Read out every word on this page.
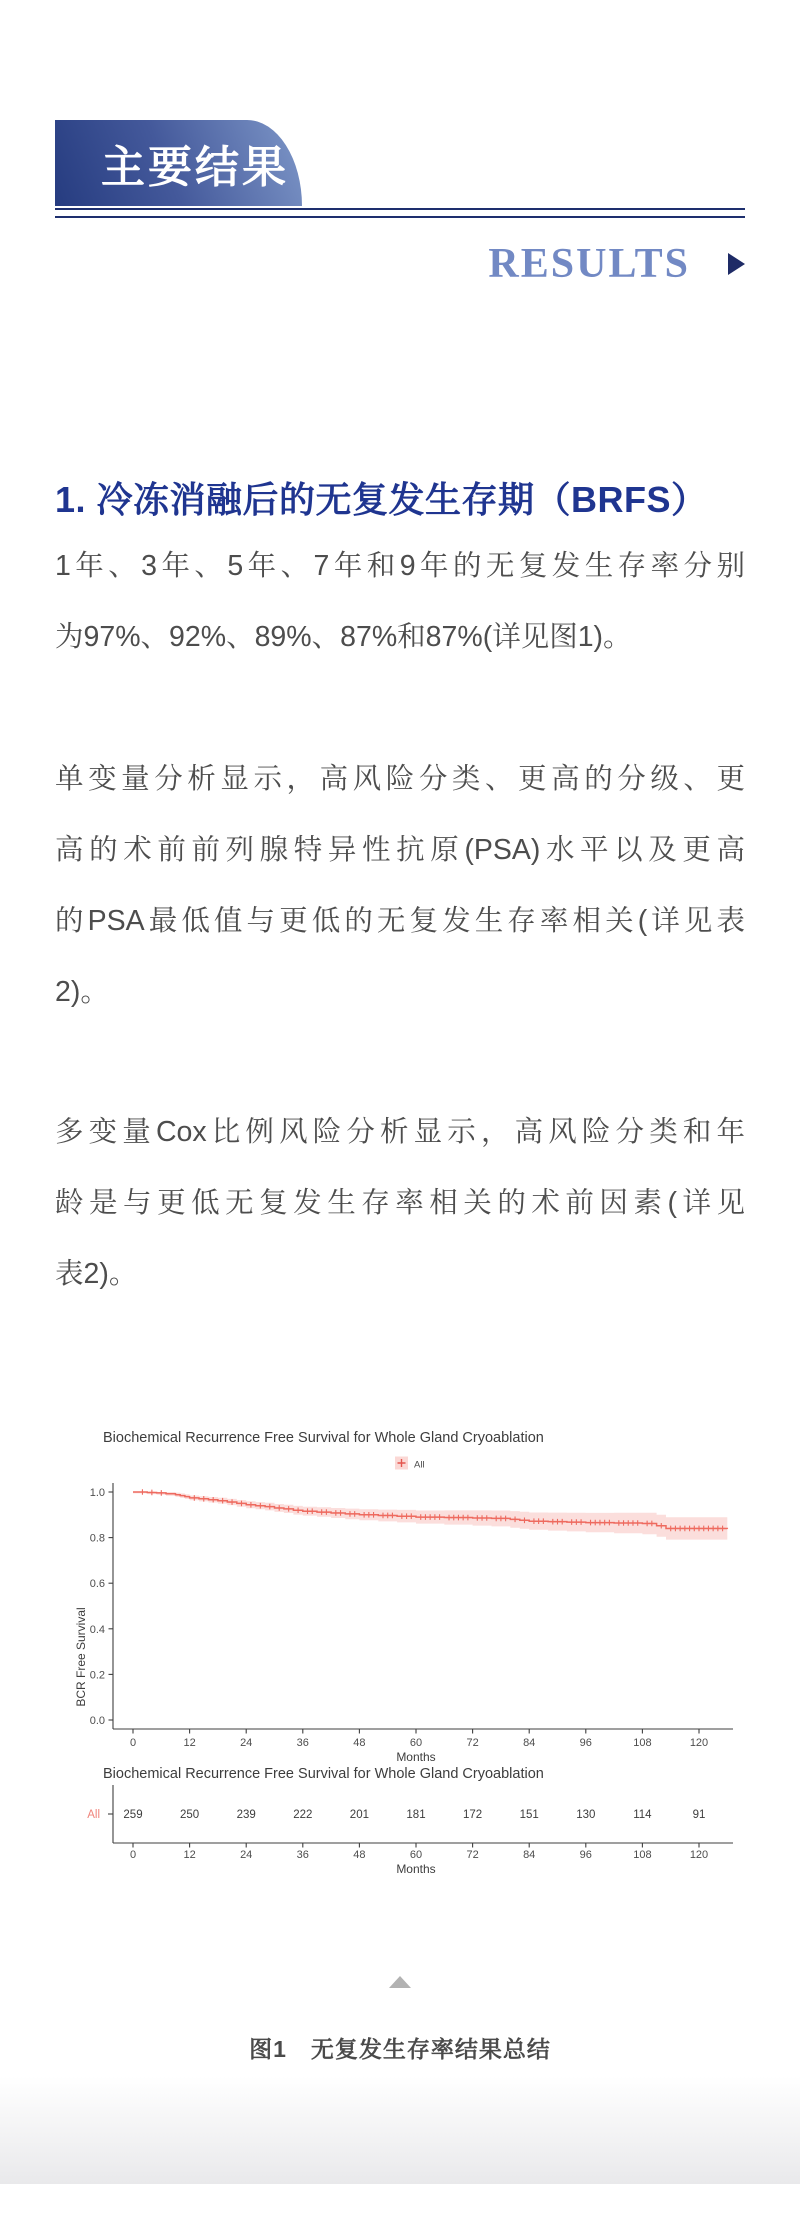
主要结果
RESULTS
1. 冷冻消融后的无复发生存期（BRFS）
1年、3年、5年、7年和9年的无复发生存率分别
为97%、92%、89%、87%和87%(详见图1)。
单变量分析显示，高风险分类、更高的分级、更
高的术前前列腺特异性抗原(PSA)水平以及更高
的PSA最低值与更低的无复发生存率相关(详见表
2)。
多变量Cox比例风险分析显示，高风险分类和年
龄是与更低无复发生存率相关的术前因素(详见
表2)。
Biochemical Recurrence Free Survival for Whole Gland Cryoablation
All
BCR Free Survival
Months
0
0
12
12
24
24
36
36
48
48
60
60
72
72
84
84
96
96
108
108
120
120
0.0
0.2
0.4
0.6
0.8
1.0
Biochemical Recurrence Free Survival for Whole Gland Cryoablation
All 259	250	239	222	201	181	172	151	130	114	91
Months
图1　无复发生存率结果总结
